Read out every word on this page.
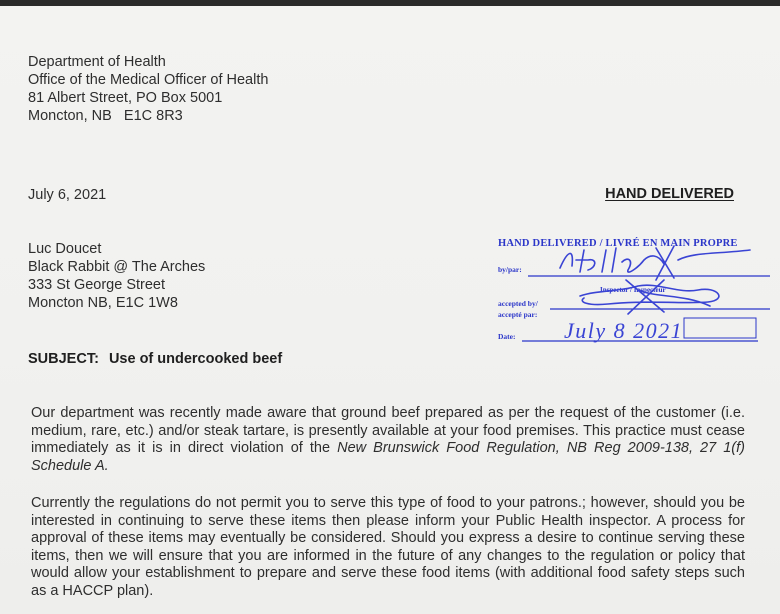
Department of Health
Office of the Medical Officer of Health
81 Albert Street, PO Box 5001
Moncton, NB   E1C 8R3
July 6, 2021	HAND DELIVERED
Luc Doucet
Black Rabbit @ The Arches
333 St George Street
Moncton NB, E1C 1W8
SUBJECT: Use of undercooked beef
Our department was recently made aware that ground beef prepared as per the request of the customer (i.e. medium, rare, etc.) and/or steak tartare, is presently available at your food premises. This practice must cease immediately as it is in direct violation of the New Brunswick Food Regulation, NB Reg 2009-138, 27 1(f) Schedule A.
Currently the regulations do not permit you to serve this type of food to your patrons.; however, should you be interested in continuing to serve these items then please inform your Public Health inspector. A process for approval of these items may eventually be considered. Should you express a desire to continue serving these items, then we will ensure that you are informed in the future of any changes to the regulation or policy that would allow your establishment to prepare and serve these food items (with additional food safety steps such as a HACCP plan).
HAND DELIVERED / LIVRÉ EN MAIN PROPRE
by/par:
Inspector / Inspecteur
accepted by/
accepté par:
Date: July 8 2021
